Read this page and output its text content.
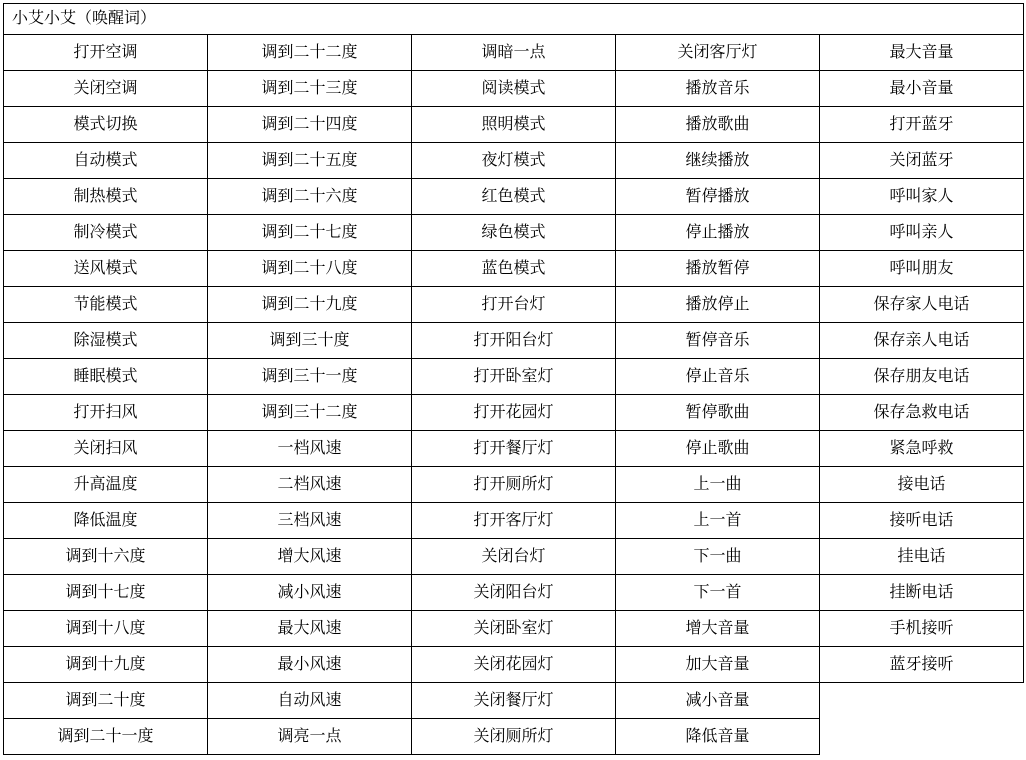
小艾小艾（唤醒词）				
打开空调	调到二十二度	调暗一点	关闭客厅灯	最大音量
关闭空调	调到二十三度	阅读模式	播放音乐	最小音量
模式切换	调到二十四度	照明模式	播放歌曲	打开蓝牙
自动模式	调到二十五度	夜灯模式	继续播放	关闭蓝牙
制热模式	调到二十六度	红色模式	暂停播放	呼叫家人
制冷模式	调到二十七度	绿色模式	停止播放	呼叫亲人
送风模式	调到二十八度	蓝色模式	播放暂停	呼叫朋友
节能模式	调到二十九度	打开台灯	播放停止	保存家人电话
除湿模式	调到三十度	打开阳台灯	暂停音乐	保存亲人电话
睡眠模式	调到三十一度	打开卧室灯	停止音乐	保存朋友电话
打开扫风	调到三十二度	打开花园灯	暂停歌曲	保存急救电话
关闭扫风	一档风速	打开餐厅灯	停止歌曲	紧急呼救
升高温度	二档风速	打开厕所灯	上一曲	接电话
降低温度	三档风速	打开客厅灯	上一首	接听电话
调到十六度	增大风速	关闭台灯	下一曲	挂电话
调到十七度	减小风速	关闭阳台灯	下一首	挂断电话
调到十八度	最大风速	关闭卧室灯	增大音量	手机接听
调到十九度	最小风速	关闭花园灯	加大音量	蓝牙接听
调到二十度	自动风速	关闭餐厅灯	减小音量	
调到二十一度	调亮一点	关闭厕所灯	降低音量	
